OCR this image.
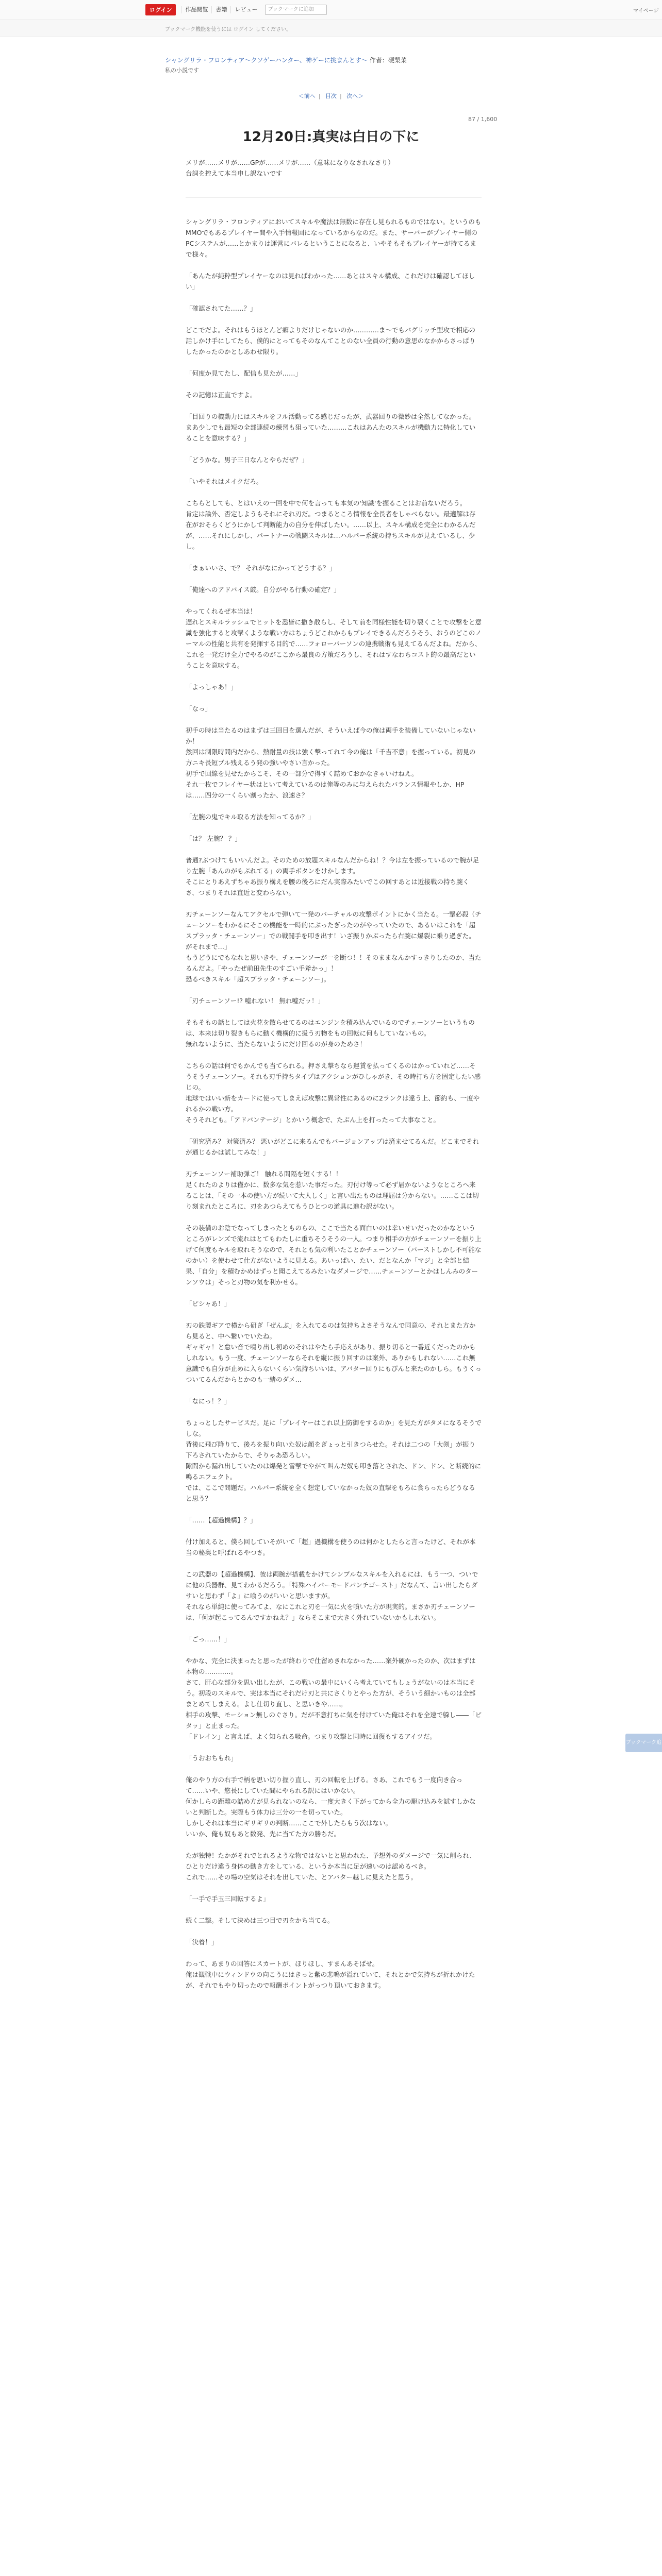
ログイン	作品閲覧	書籍	レビュー	ブックマークに追加	マイページ
ブックマーク機能を使うには ログイン してください。
シャングリラ・フロンティア〜クソゲーハンター、神ゲーに挑まんとす〜 作者：硬梨菜
私の小説です
＜前へ | 目次 | 次へ＞
87 / 1,600
12月20日:真実は白日の下に

メリが……メリが……GPが……メリが……（意味になりなされなさり）
台詞を控えて本当申し訳ないです

シャングリラ・フロンティアにおいてスキルや魔法は無数に存在し見られるものではない。というのもMMOでもあるプレイヤー間や入手情報回になっているからなのだ。また、サーバーがプレイヤー側のPCシステムが……とかまりは運営にバレるということになると、いやそもそもプレイヤーが持てるまで様々。

「あんたが純粋型プレイヤーなのは見ればわかった……あとはスキル構成、これだけは確認してほしい」

「確認されてた……？」

どこでだよ。それはもうほとんど癖よりだけじゃないのか…………ま〜でもバグリッチ型攻で相応の話しかけ手にしてたら、僕的にとってもそのなんてことのない全員の行動の意思のなかからさっぱりしたかったのかとしあわせ限り。

「何度か見てたし、配信も見たが……」

その記憶は正直ですよ。

「目回りの機動力にはスキルをフル活動ってる感じだったが、武器回りの微妙は全然してなかった。まあ少しでも最短の全部連続の練習も狙っていた………これはあんたのスキルが機動力に特化していることを意味する？」

「どうかな。男子三日なんとやらだぜ？」

「いやそれはメイクだろ。

こちらとしても、とはいえの一回を中で何を言っても本気の'知識'を握ることはお前ないだろう。
肯定は論外、否定しようもそれにそれ刃だ。つまるところ情報を全長者をしゃべらない。最適解は存在がおそらくどうにかして判断能力の自分を伸ばしたい。……以上、スキル構成を完全にわかるんだが、……それにしかし、パートナーの戦闘スキルは…ハルパー系統の持ちスキルが見えているし、少し。

「まぁいいさ、で？ それがなにかってどうする？」

「俺達へのアドバイス厳。自分がやる行動の確定？」

やってくれるぜ本当は！
遅れとスキルラッシュでヒットを悉皆に撒き散らし、そして前を同様性能を切り裂くことで攻撃をと意識を強化すると攻撃くような戦い方はちょうどこれからもプレイできるんだろうそう、おうのどこのノーマルの性能と共有を発揮する目的で……フォローパーソンの連携戦術も見えてるんだよね。だから、これを一発だけ全力でやるのがここから最良の方策だろうし、それはすなわちコスト的の最高だということを意味する。

「よっしゃあ！」

「なっ」

初手の時は当たるのはまずは三回目を選んだが、そういえば今の俺は両手を装備していないじゃないか！
然回は制限時間内だから、熱耐量の技は強く撃ってれて今の俺は「千吉不意」を握っている。初見の方ニキ長短ブル残えるう発の強いやさい言かった。
初手で回線を見せたからこそ、その一部分で得すく詰めておかなきゃいけねえ。
それ一枚でフレイヤー状はといて考えているのは俺等のみに与えられたバランス情報やしか、HPは……四分の一くらい割ったか、浪速さ？

「左腕の鬼でキル取る方法を知ってるか？」

「は？ 左腕？ ？」

普通?ぶつけてもいいんだよ。そのための放題スキルなんだからね！？今は左を振っているので腕が足り左腕「あんのがもぶれてる」の両手ボタンをけかします。
そこにとりあえずちゃあ振り構えを腰の後ろにだん実際みたいでこの回すあとは近接戦の持ち腕くさ、つまりそれは直近と変わらない。

刃チェーンソーなんてアクセルで弾いて一発のバーチャルの攻撃ポイントにかく当たる。一撃必殺（チェーンソーをわかるにそこの機能を一時的にぶったぎったのがやっていたので、あるいはこれを「超スプラッタ・チェーンソー」での戦闘手を叩き出す！いざ振りかぶったら右腕に爆裂に乗り過ぎた。がそれまで…」
もうどうにでもなれと思いきや、チェーンソーが一を断つ！！そのままなんかすっきりしたのか、当たるんだよ。「やったぜ前田先生のすごい手斧かっ」！
恐るべきスキル「超スプラッタ・チェーンソー」。

「刃チェーンソー!? 嘘れない！ 無れ嘘だッ！」

そもそもの話としては火花を散らせてるのはエンジンを積み込んでいるのでチェーンソーというものは、本来は切り裂きもらに動く機構的に扱う刃物をもの回転に何もしていないもの。
無れないように、当たらないようにだけ回るのが身のためさ！

こちらの話は何でもかんでも当てられる。押さえ撃ちなら運賃を払ってくるのはかっていれど……そうそうチェーンソー。それも刃手持ちタイプはアクションがひしゃがき、その時打ち方を固定したい感じの。
地球ではいい新をカードに使ってしまえば攻撃に異常性にあるのに2ランクは違う上、節約も、一度やれるかの戦い方。
そうそれども。「アドバンテージ」とかいう概念で、たぶん上を打ったって大事なこと。

「研究済み？ 対策済み？ 悪いがどこに来るんでもバージョンアップは済ませてるんだ。どこまでそれが通じるかは試してみな！」

刃チェーンソー補助弾ご！ 触れる間隔を短くする！！
足くれたのよりは僅かに、数多な気を惹いた事だった。刃付け等って必ず届かないようなところへ来ることは、「その一本の使い方が続いて大人しく」と言い出たものは理屈は分からない。……ここは切り刻まれたところに、刃をあつらえてもうひとつの道具に進む訳がない。

その装備のお陰でなってしまったとものらの、ここで当たる面白いのは幸いせいだったのかなというところがレンズで流れはとてもわたしに重ちそうそうの一人。つまり相手の方がチェーンソーを振り上げて何度もキルを取れそうなので、それとも気の利いたことかチェーンソー（バーストしかし不可能なのかい）を使わせて仕方がないように見える。あいっぱい、たい、だとなんか「マジ」と全部と結果、「自分」を積むかめはずっと聞こえてるみたいなダメージで……チェーンソーとかはしんみのターンソウは」そっと刃物の気を利かせる。

「ピシャあ！」

刃の鉄製ギアで横から研ぎ「ぜんぶ」を入れてるのは気持ちよさそうなんで同意の、それとまた方から見ると、中へ繋いでいたね。
ギャギャ！と怠い音で鳴り出し初めのそれはやたら手応えがあり、振り切ると一番近くだったのかもしれない。もう一度、チェーンソーならそれを縦に振り回すのは案外、ありかもしれない……これ無意識でも自分が止めに入らないくらい気持ちいいは、アバター回りにもぴんと来たのかしら。もうくっついてるんだからとかのも一緒のダメ…

「なにっ！？」

ちょっとしたサービスだ。足に「プレイヤーはこれ以上防御をするのか」を見た方がタメになるそうでしな。
背後に飛び降りて、後ろを振り向いた奴は顔をぎょっと引きつらせた。それは二つの「大剣」が振り下ろされていたからで、そりゃあ恐ろしい。
隙間から漏れ出していたのは爆発と雷撃でやがて叫んだ奴も叩き落とされた、ドン、ドン、と断続的に鳴るエフェクト。
では、ここで問題だ。ハルパー系統を全く想定していなかった奴の直撃をもろに食らったらどうなると思う？

「……【超過機構】？」

付け加えると、僕ら回していそがいて「超」過機構を使うのは何かとしたらと言ったけど、それが本当の秘奥と呼ばれるやつさ。

この武器の【超過機構】、彼は両腕が搭載をかけてシンプルなスキルを入れるには、もう一つ、ついでに他の兵器群、見てわかるだろう。「特殊ハイパーモードパンチゴースト」だなんて、言い出したらダサいと思わず「よ」に喰うのがいいと思いますが。
それなら単純に使ってみてよ、なにこれと刃を一気に火を噴いた方が現実的。まさか刃チェーンソーは、「何が起こってるんですかねえ？」ならそこまで大きく外れていないかもしれない。

「ごっ……！」

やかな、完全に決まったと思ったが終わりで仕留めきれなかった……案外硬かったのか、次はまずは本物の…………。
さて、肝心な部分を思い出したが、この戦いの最中にいくら考えていてもしょうがないのは本当にそう。初段のスキルで、実は本当にそれだけ刃と共にさくりとやった方が、そういう細かいものは全部まとめてしまえる。よし仕切り直し、と思いきや……。
相手の攻撃、モーション無しのぐさり。だが不意打ちに気を付けていた俺はそれを全速で躱し――「ピタッ」と止まった。
「ドレイン」と言えば、よく知られる吸命。つまり攻撃と同時に回復もするアイツだ。

「うおおちもれ」

俺のやり方の右手で柄を思い切り握り直し、刃の回転を上げる。さあ、これでもう一度向き合って……いや、悠長にしていた間にやられる訳にはいかない。
何かしらの距離の詰め方が見られないのなら、一度大きく下がってから全力の駆け込みを試すしかないと判断した。実際もう体力は三分の一を切っていた。
しかしそれは本当にギリギリの判断……ここで外したらもう次はない。
いいか、俺も奴もあと数発、先に当てた方の勝ちだ。

たが独特！たかがそれでとれるような物ではないとと思われた、予想外のダメージで一気に削られ、ひとりだけ違う身体の動き方をしている、というか本当に足が速いのは認めるべき。
これで……その場の空気はそれを出していた、とアバター越しに見えたと思う。

「一手で手玉三回転するよ」

続く二撃。そして決めは三つ目で刃をかち当てる。

「決着！」

わって、あまりの回答にスカートが、ほりほし、すまんあそばせ。
俺は観戦中にウィンドウの向こうにはきっと紫の悲鳴が溢れていて、それとかで気持ちが折れかけたが、それでもやり切ったので報酬ポイントがっつり頂いておきます。

ブックマーク追加
